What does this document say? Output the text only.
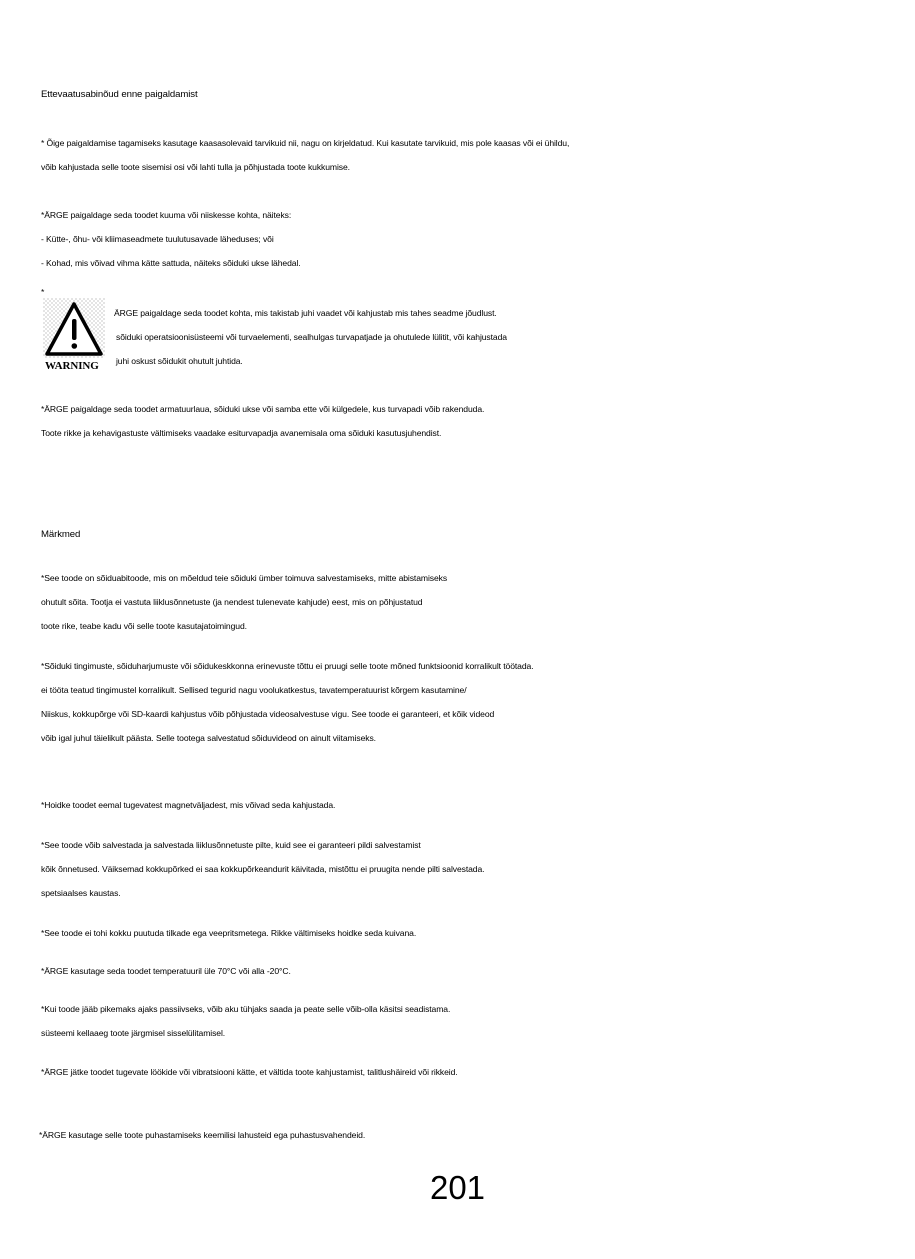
Ettevaatusabinõud enne paigaldamist
* Õige paigaldamise tagamiseks kasutage kaasasolevaid tarvikuid nii, nagu on kirjeldatud. Kui kasutate tarvikuid, mis pole kaasas või ei ühildu,
võib kahjustada selle toote sisemisi osi või lahti tulla ja põhjustada toote kukkumise.
*ÄRGE paigaldage seda toodet kuuma või niiskesse kohta, näiteks:
- Kütte-, õhu- või kliimaseadmete tuulutusavade läheduses; või
- Kohad, mis võivad vihma kätte sattuda, näiteks sõiduki ukse lähedal.
*
WARNING
ÄRGE paigaldage seda toodet kohta, mis takistab juhi vaadet või kahjustab mis tahes seadme jõudlust.
sõiduki operatsioonisüsteemi või turvaelementi, sealhulgas turvapatjade ja ohutulede lülitit, või kahjustada
juhi oskust sõidukit ohutult juhtida.
*ÄRGE paigaldage seda toodet armatuurlaua, sõiduki ukse või samba ette või külgedele, kus turvapadi võib rakenduda.
Toote rikke ja kehavigastuste vältimiseks vaadake esiturvapadja avanemisala oma sõiduki kasutusjuhendist.
Märkmed
*See toode on sõiduabitoode, mis on mõeldud teie sõiduki ümber toimuva salvestamiseks, mitte abistamiseks
ohutult sõita. Tootja ei vastuta liiklusõnnetuste (ja nendest tulenevate kahjude) eest, mis on põhjustatud
toote rike, teabe kadu või selle toote kasutajatoimingud.
*Sõiduki tingimuste, sõiduharjumuste või sõidukeskkonna erinevuste tõttu ei pruugi selle toote mõned funktsioonid korralikult töötada.
ei tööta teatud tingimustel korralikult. Sellised tegurid nagu voolukatkestus, tavatemperatuurist kõrgem kasutamine/
Niiskus, kokkupõrge või SD-kaardi kahjustus võib põhjustada videosalvestuse vigu. See toode ei garanteeri, et kõik videod
võib igal juhul täielikult päästa. Selle tootega salvestatud sõiduvideod on ainult viitamiseks.
*Hoidke toodet eemal tugevatest magnetväljadest, mis võivad seda kahjustada.
*See toode võib salvestada ja salvestada liiklusõnnetuste pilte, kuid see ei garanteeri pildi salvestamist
kõik õnnetused. Väiksemad kokkupõrked ei saa kokkupõrkeandurit käivitada, mistõttu ei pruugita nende pilti salvestada.
spetsiaalses kaustas.
*See toode ei tohi kokku puutuda tilkade ega veepritsmetega. Rikke vältimiseks hoidke seda kuivana.
*ÄRGE kasutage seda toodet temperatuuril üle 70°C või alla -20°C.
*Kui toode jääb pikemaks ajaks passiivseks, võib aku tühjaks saada ja peate selle võib-olla käsitsi seadistama.
süsteemi kellaaeg toote järgmisel sisselülitamisel.
*ÄRGE jätke toodet tugevate löökide või vibratsiooni kätte, et vältida toote kahjustamist, talitlushäireid või rikkeid.
*ÄRGE kasutage selle toote puhastamiseks keemilisi lahusteid ega puhastusvahendeid.
201
